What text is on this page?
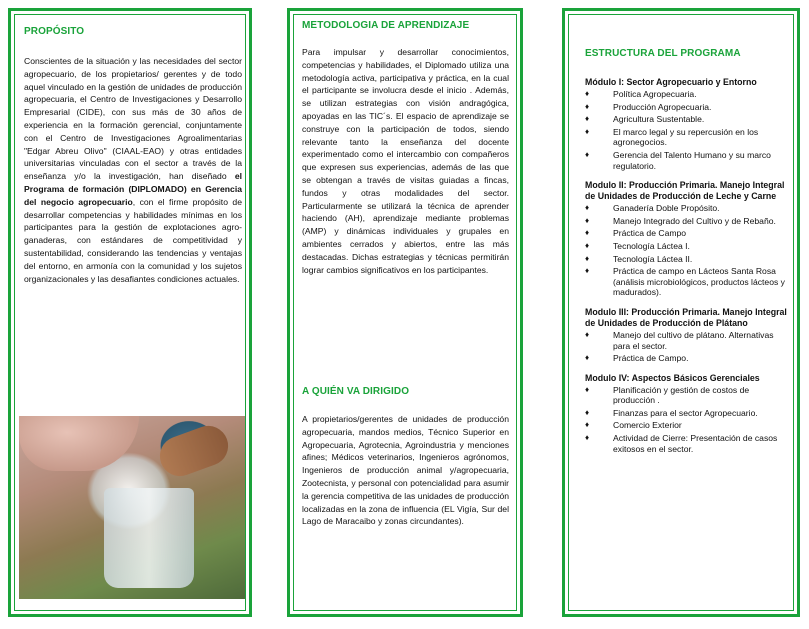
PROPÓSITO

Conscientes de la situación y las necesidades del sector agropecuario, de los propietarios/ gerentes y de todo aquel vinculado en la gestión de unidades de producción agropecuaria, el Centro de Investigaciones y Desarrollo Empresarial (CIDE), con sus más de 30 años de experiencia en la formación gerencial, conjuntamente con el Centro de Investigaciones Agroalimentarias "Edgar Abreu Olivo" (CIAAL-EAO) y otras entidades universitarias vinculadas con el sector a través de la enseñanza y/o la investigación, han diseñado el Programa de formación (DIPLOMADO) en Gerencia del negocio agropecuario, con el firme propósito de desarrollar competencias y habilidades mínimas en los participantes para la gestión de explotaciones agro-ganaderas, con estándares de competitividad y sustentabilidad, considerando las tendencias y ventajas del entorno, en armonía con la comunidad y los sujetos organizacionales y las desafiantes condiciones actuales.

METODOLOGIA DE APRENDIZAJE

Para impulsar y desarrollar conocimientos, competencias y habilidades, el Diplomado utiliza una metodología activa, participativa y práctica, en la cual el participante se involucra desde el inicio . Además, se utilizan estrategias con visión andragógica, apoyadas en las TIC´s. El espacio de aprendizaje se construye con la participación de todos, siendo relevante tanto la enseñanza del docente experimentado como el intercambio con compañeros que expresen sus experiencias, además de las que se obtengan a través de visitas guiadas a fincas, fundos y otras modalidades del sector. Particularmente se utilizará la técnica de aprender haciendo (AH), aprendizaje mediante problemas (AMP) y dinámicas individuales y grupales en ambientes cerrados y abiertos, entre las más destacadas. Dichas estrategias y técnicas permitirán lograr cambios significativos en los participantes.

A QUIÉN VA DIRIGIDO

A propietarios/gerentes de unidades de producción agropecuaria, mandos medios, Técnico Superior en Agropecuaria, Agrotecnia, Agroindustria y menciones afines; Médicos veterinarios, Ingenieros agrónomos, Ingenieros de producción animal y/agropecuaria, Zootecnista, y personal con potencialidad para asumir la gerencia competitiva de las unidades de producción localizadas en la zona de influencia (EL Vigía, Sur del Lago de Maracaibo y zonas circundantes).

ESTRUCTURA DEL PROGRAMA
Módulo I: Sector Agropecuario y Entorno
♦	Política Agropecuaria.
♦	Producción Agropecuaria.
♦	Agricultura Sustentable.
♦	El marco legal y su repercusión en los agronegocios.
♦	Gerencia del Talento Humano y su marco regulatorio.
Modulo II: Producción Primaria. Manejo Integral de Unidades de Producción de Leche y Carne
♦	Ganadería Doble Propósito.
♦	Manejo Integrado del Cultivo y de Rebaño.
♦	Práctica de Campo
♦	Tecnología Láctea I.
♦	Tecnología Láctea II.
♦	Práctica de campo en Lácteos Santa Rosa (análisis microbiológicos, productos lácteos y madurados).
Modulo III: Producción Primaria. Manejo Integral de Unidades de Producción de Plátano
♦	Manejo del cultivo de plátano. Alternativas para el sector.
♦	Práctica de Campo.
Modulo IV: Aspectos Básicos Gerenciales
♦	Planificación y gestión de costos de producción .
♦	Finanzas para el sector Agropecuario.
♦	Comercio Exterior
♦	Actividad de Cierre: Presentación de casos exitosos en el sector.
